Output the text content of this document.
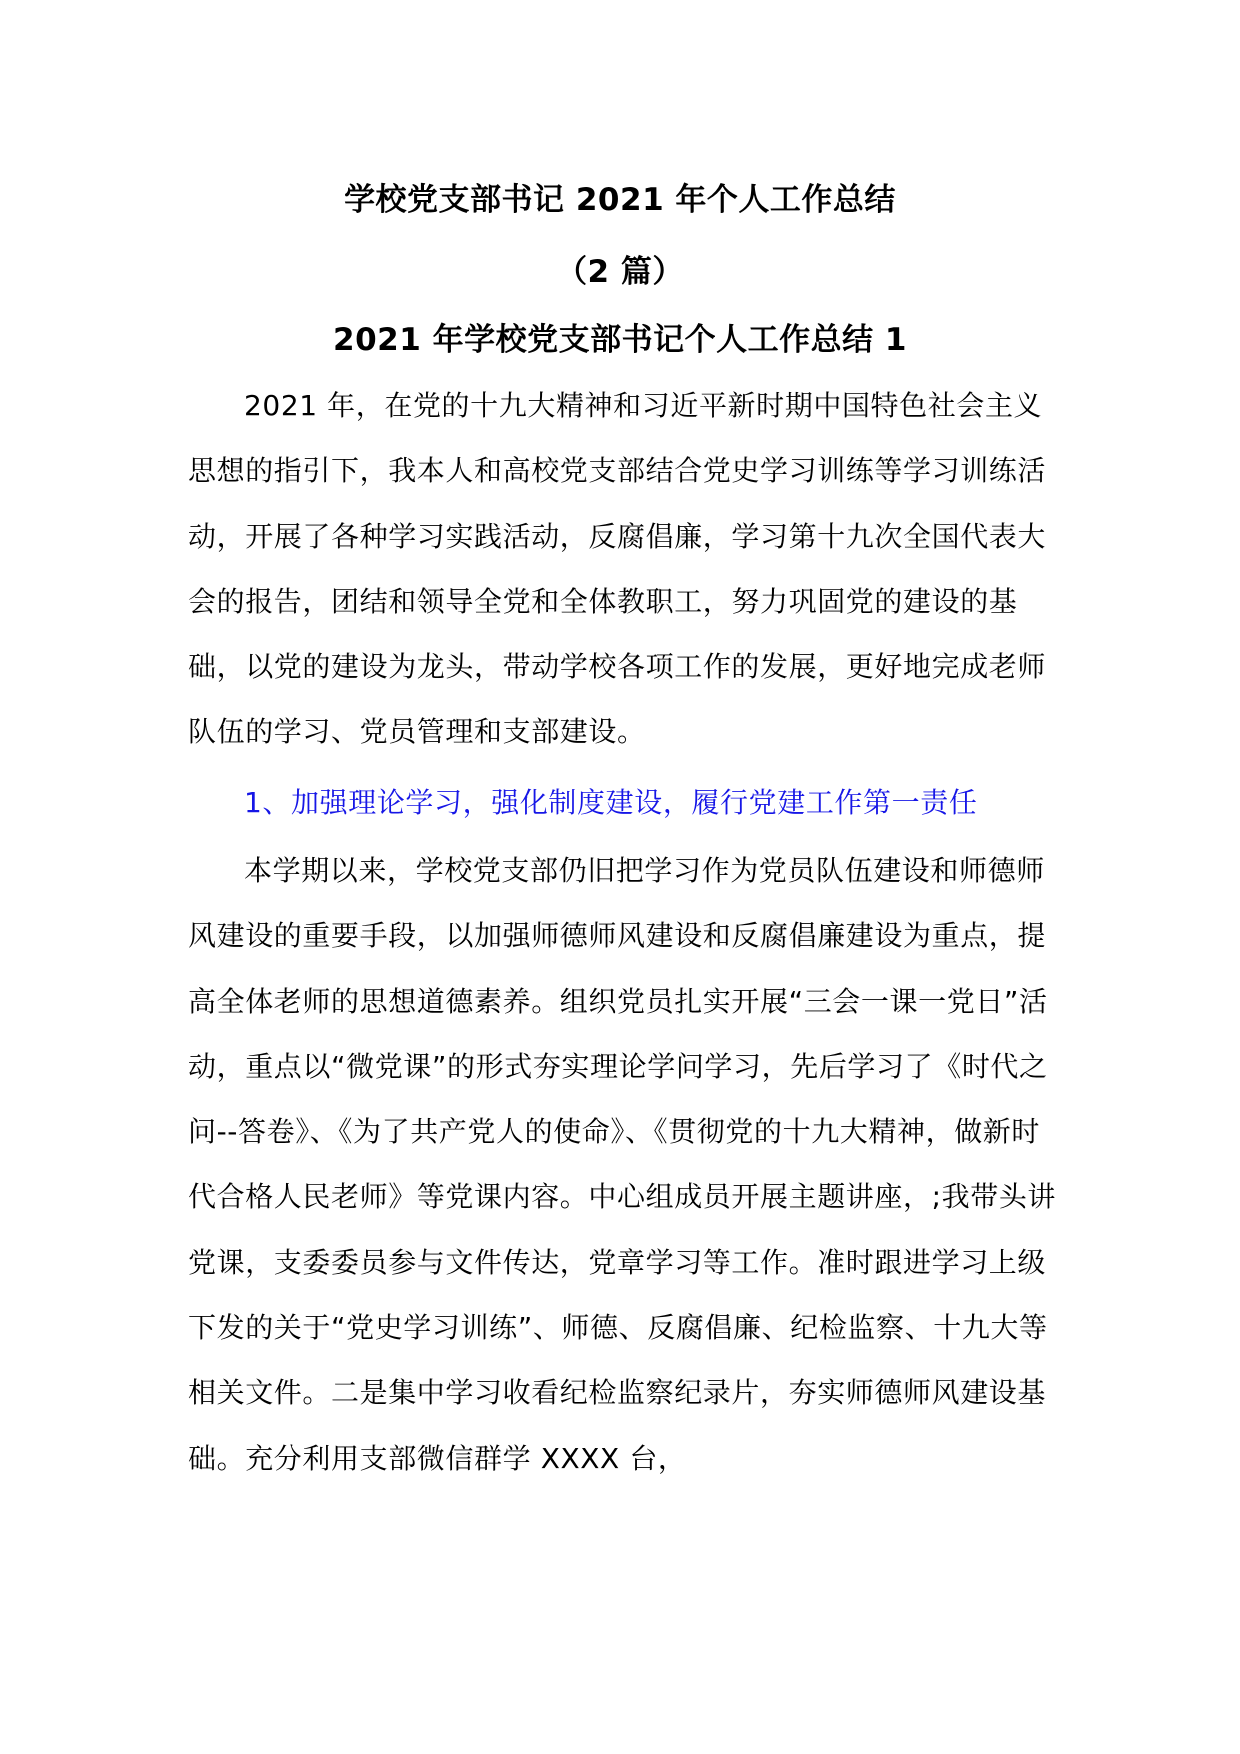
学校党支部书记 2021 年个人工作总结
（2 篇）
2021 年学校党支部书记个人工作总结 1

2021 年，在党的十九大精神和习近平新时期中国特色社会主义思想的指引下，我本人和高校党支部结合党史学习训练等学习训练活动，开展了各种学习实践活动，反腐倡廉，学习第十九次全国代表大会的报告，团结和领导全党和全体教职工，努力巩固党的建设的基础，以党的建设为龙头，带动学校各项工作的发展，更好地完成老师队伍的学习、党员管理和支部建设。

1、加强理论学习，强化制度建设，履行党建工作第一责任

本学期以来，学校党支部仍旧把学习作为党员队伍建设和师德师风建设的重要手段，以加强师德师风建设和反腐倡廉建设为重点，提高全体老师的思想道德素养。组织党员扎实开展“三会一课一党日”活动，重点以“微党课”的形式夯实理论学问学习，先后学习了《时代之问--答卷》、《为了共产党人的使命》、《贯彻党的十九大精神，做新时代合格人民老师》等党课内容。中心组成员开展主题讲座，;我带头讲党课，支委委员参与文件传达，党章学习等工作。准时跟进学习上级下发的关于“党史学习训练”、师德、反腐倡廉、纪检监察、十九大等相关文件。二是集中学习收看纪检监察纪录片，夯实师德师风建设基础。充分利用支部微信群学 XXXX 台，
